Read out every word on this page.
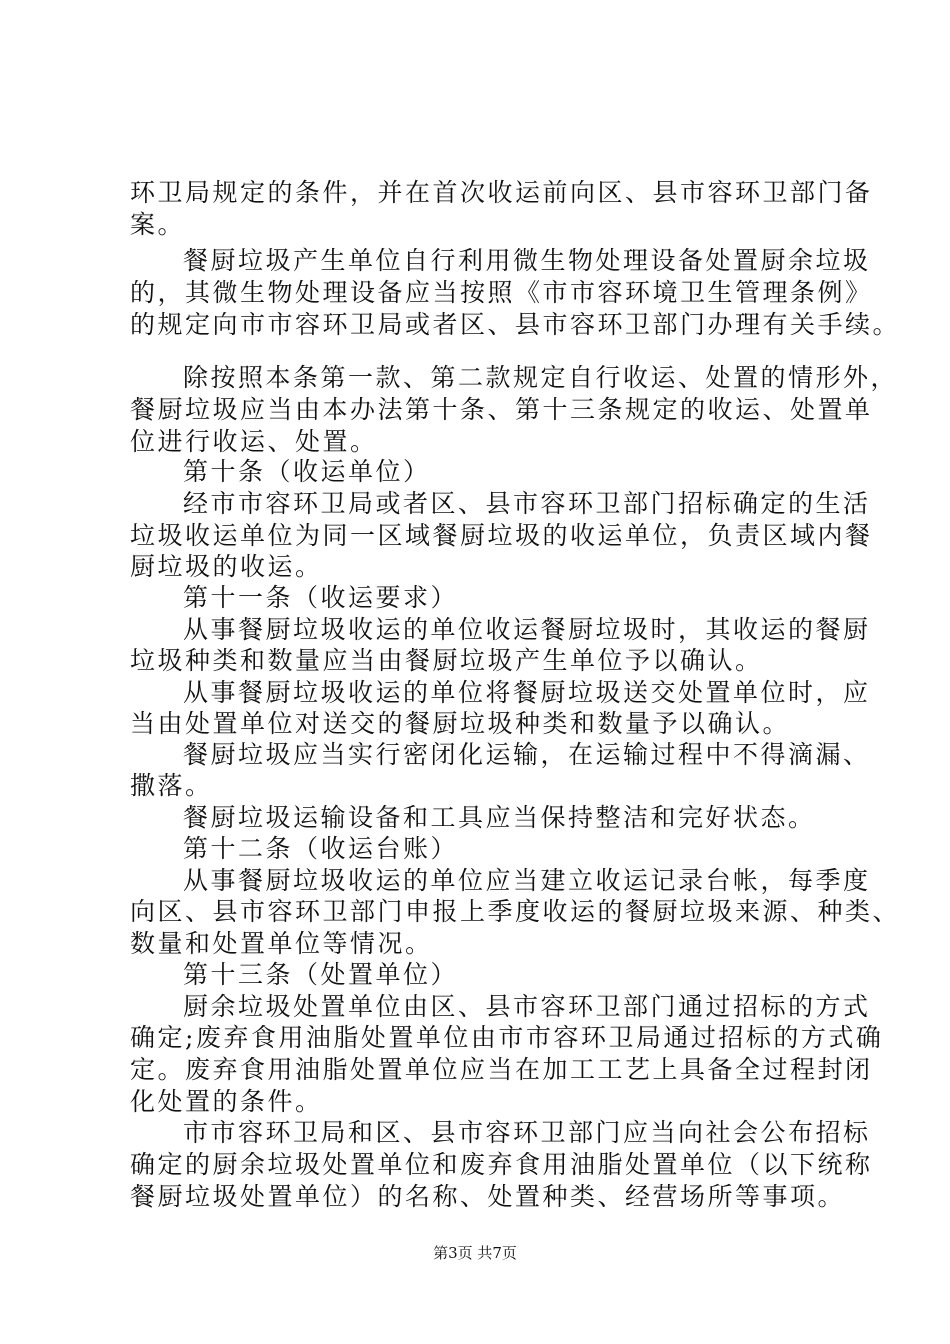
环卫局规定的条件，并在首次收运前向区、县市容环卫部门备
案。
餐厨垃圾产生单位自行利用微生物处理设备处置厨余垃圾
的，其微生物处理设备应当按照《市市容环境卫生管理条例》
的规定向市市容环卫局或者区、县市容环卫部门办理有关手续。
除按照本条第一款、第二款规定自行收运、处置的情形外，
餐厨垃圾应当由本办法第十条、第十三条规定的收运、处置单
位进行收运、处置。
第十条（收运单位）
经市市容环卫局或者区、县市容环卫部门招标确定的生活
垃圾收运单位为同一区域餐厨垃圾的收运单位，负责区域内餐
厨垃圾的收运。
第十一条（收运要求）
从事餐厨垃圾收运的单位收运餐厨垃圾时，其收运的餐厨
垃圾种类和数量应当由餐厨垃圾产生单位予以确认。
从事餐厨垃圾收运的单位将餐厨垃圾送交处置单位时，应
当由处置单位对送交的餐厨垃圾种类和数量予以确认。
餐厨垃圾应当实行密闭化运输，在运输过程中不得滴漏、
撒落。
餐厨垃圾运输设备和工具应当保持整洁和完好状态。
第十二条（收运台账）
从事餐厨垃圾收运的单位应当建立收运记录台帐，每季度
向区、县市容环卫部门申报上季度收运的餐厨垃圾来源、种类、
数量和处置单位等情况。
第十三条（处置单位）
厨余垃圾处置单位由区、县市容环卫部门通过招标的方式
确定;废弃食用油脂处置单位由市市容环卫局通过招标的方式确
定。废弃食用油脂处置单位应当在加工工艺上具备全过程封闭
化处置的条件。
市市容环卫局和区、县市容环卫部门应当向社会公布招标
确定的厨余垃圾处置单位和废弃食用油脂处置单位（以下统称
餐厨垃圾处置单位）的名称、处置种类、经营场所等事项。
第3页 共7页
